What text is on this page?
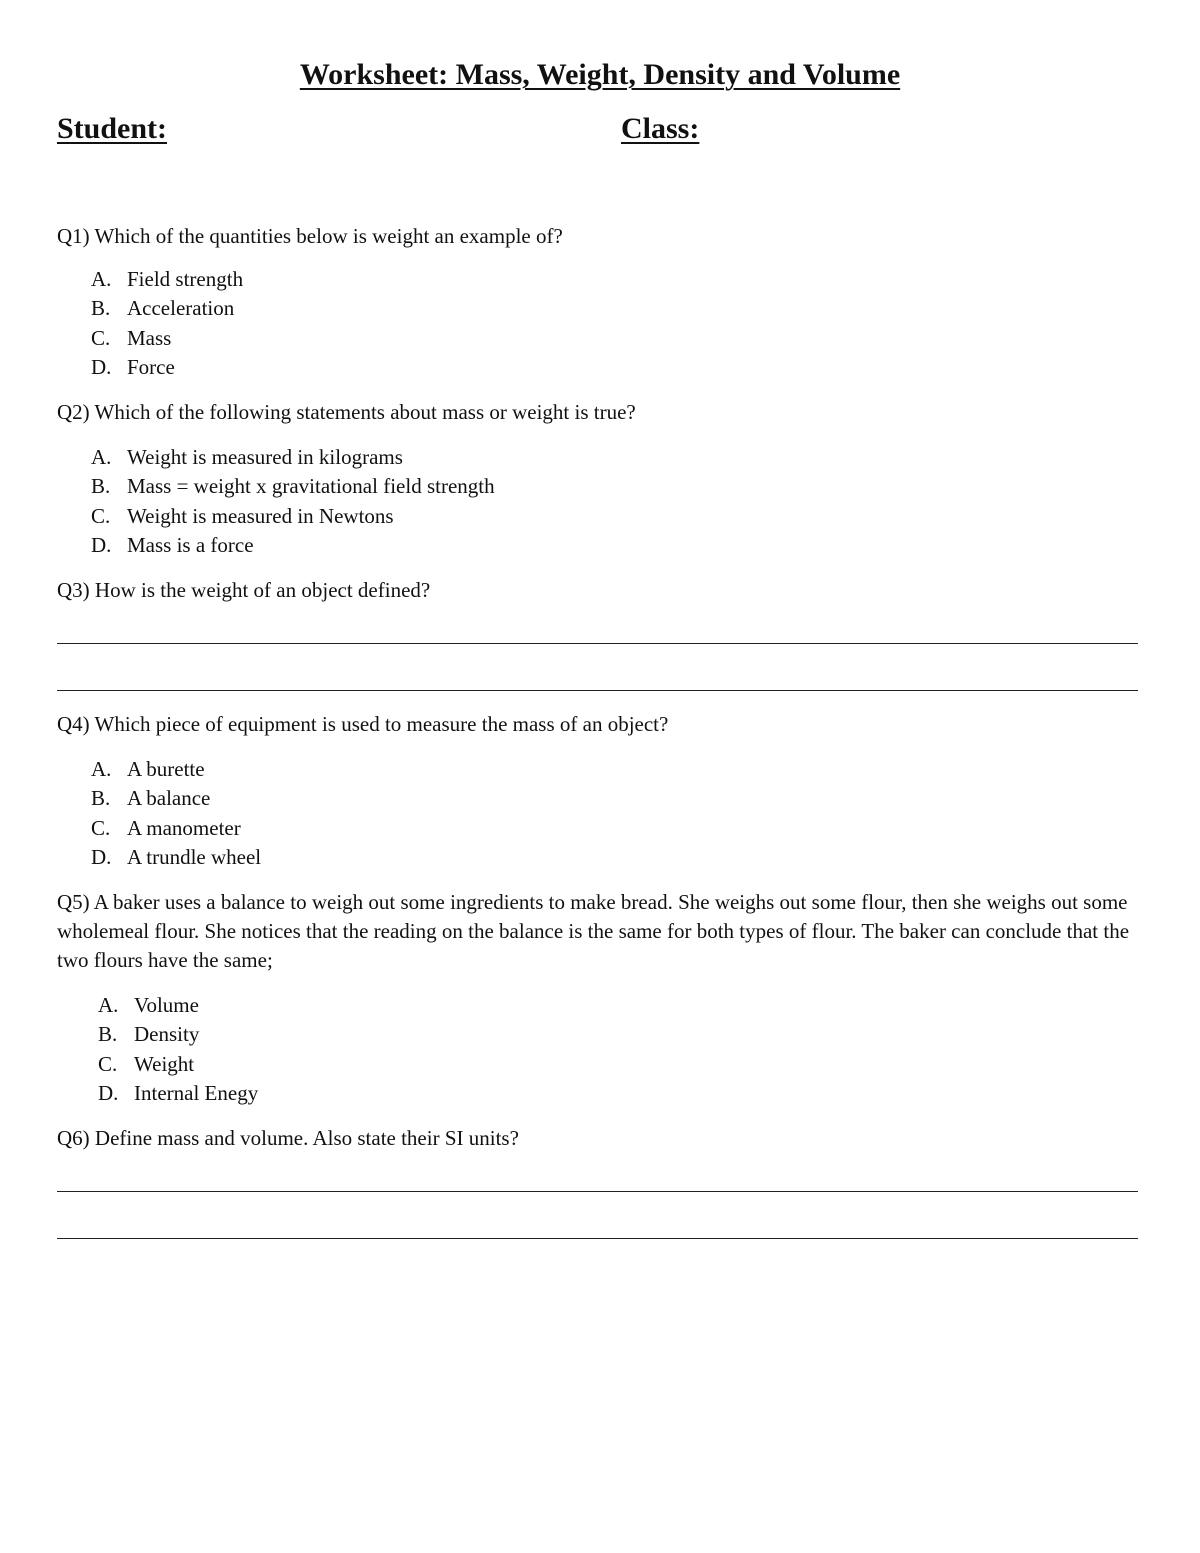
Worksheet: Mass, Weight, Density and Volume
Student:	Class:

Q1) Which of the quantities below is weight an example of?

A. Field strength
B. Acceleration
C. Mass
D. Force

Q2) Which of the following statements about mass or weight is true?

A. Weight is measured in kilograms
B. Mass = weight x gravitational field strength
C. Weight is measured in Newtons
D. Mass is a force

Q3) How is the weight of an object defined?

Q4) Which piece of equipment is used to measure the mass of an object?

A. A burette
B. A balance
C. A manometer
D. A trundle wheel

Q5) A baker uses a balance to weigh out some ingredients to make bread. She weighs out some flour, then she weighs out some wholemeal flour. She notices that the reading on the balance is the same for both types of flour. The baker can conclude that the two flours have the same;

A. Volume
B. Density
C. Weight
D. Internal Enegy

Q6) Define mass and volume. Also state their SI units?
